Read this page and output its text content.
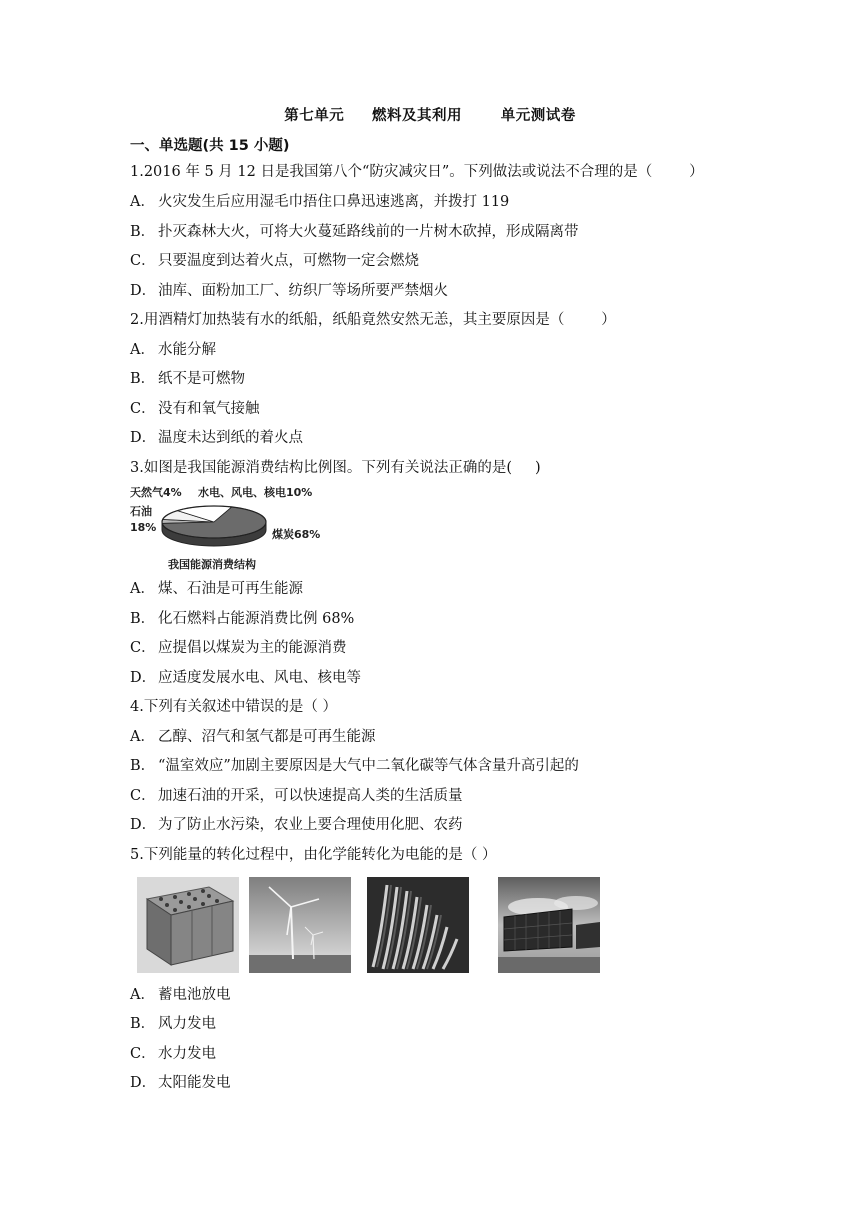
第七单元     燃料及其利用       单元测试卷
一、单选题(共 15 小题)
1.2016 年 5 月 12 日是我国第八个“防灾减灾日”。下列做法或说法不合理的是（        ）
A． 火灾发生后应用湿毛巾捂住口鼻迅速逃离，并拨打 119
B． 扑灭森林大火，可将大火蔓延路线前的一片树木砍掉，形成隔离带
C． 只要温度到达着火点，可燃物一定会燃烧
D． 油库、面粉加工厂、纺织厂等场所要严禁烟火
2.用酒精灯加热装有水的纸船，纸船竟然安然无恙，其主要原因是（        ）
A． 水能分解
B． 纸不是可燃物
C． 没有和氧气接触
D． 温度未达到纸的着火点
3.如图是我国能源消费结构比例图。下列有关说法正确的是(     )
天然气4% 水电、风电、核电10%
石油
18%
煤炭68%
我国能源消费结构
A． 煤、石油是可再生能源
B． 化石燃料占能源消费比例 68%
C． 应提倡以煤炭为主的能源消费
D． 应适度发展水电、风电、核电等
4.下列有关叙述中错误的是（ ）
A． 乙醇、沼气和氢气都是可再生能源
B． “温室效应”加剧主要原因是大气中二氧化碳等气体含量升高引起的
C． 加速石油的开采，可以快速提高人类的生活质量
D． 为了防止水污染，农业上要合理使用化肥、农药
5.下列能量的转化过程中，由化学能转化为电能的是（ ）
A． 蓄电池放电
B． 风力发电
C． 水力发电
D． 太阳能发电
